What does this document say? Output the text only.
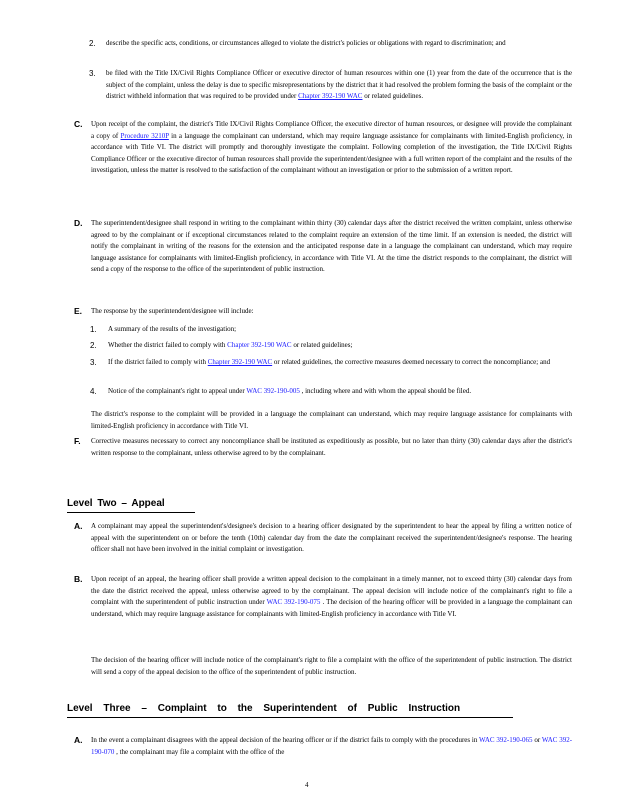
2. describe the specific acts, conditions, or circumstances alleged to violate the district's policies or obligations with regard to discrimination; and
3. be filed with the Title IX/Civil Rights Compliance Officer or executive director of human resources within one (1) year from the date of the occurrence that is the subject of the complaint, unless the delay is due to specific misrepresentations by the district that it had resolved the problem forming the basis of the complaint or the district withheld information that was required to be provided under Chapter 392-190 WAC or related guidelines.
C. Upon receipt of the complaint, the district's Title IX/Civil Rights Compliance Officer, the executive director of human resources, or designee will provide the complainant a copy of Procedure 3210P in a language the complainant can understand, which may require language assistance for complainants with limited-English proficiency, in accordance with Title VI. The district will promptly and thoroughly investigate the complaint. Following completion of the investigation, the Title IX/Civil Rights Compliance Officer or the executive director of human resources shall provide the superintendent/designee with a full written report of the complaint and the results of the investigation, unless the matter is resolved to the satisfaction of the complainant without an investigation or prior to the submission of a written report.
D. The superintendent/designee shall respond in writing to the complainant within thirty (30) calendar days after the district received the written complaint, unless otherwise agreed to by the complainant or if exceptional circumstances related to the complaint require an extension of the time limit. If an extension is needed, the district will notify the complainant in writing of the reasons for the extension and the anticipated response date in a language the complainant can understand, which may require language assistance for complainants with limited-English proficiency, in accordance with Title VI. At the time the district responds to the complainant, the district will send a copy of the response to the office of the superintendent of public instruction.
E. The response by the superintendent/designee will include:
1. A summary of the results of the investigation;
2. Whether the district failed to comply with Chapter 392-190 WAC or related guidelines;
3. If the district failed to comply with Chapter 392-190 WAC or related guidelines, the corrective measures deemed necessary to correct the noncompliance; and
4. Notice of the complainant's right to appeal under WAC 392-190-005 , including where and with whom the appeal should be filed.
The district's response to the complaint will be provided in a language the complainant can understand, which may require language assistance for complainants with limited-English proficiency in accordance with Title VI.
F. Corrective measures necessary to correct any noncompliance shall be instituted as expeditiously as possible, but no later than thirty (30) calendar days after the district's written response to the complainant, unless otherwise agreed to by the complainant.
Level Two – Appeal
A. A complainant may appeal the superintendent's/designee's decision to a hearing officer designated by the superintendent to hear the appeal by filing a written notice of appeal with the superintendent on or before the tenth (10th) calendar day from the date the complainant received the superintendent/designee's response. The hearing officer shall not have been involved in the initial complaint or investigation.
B. Upon receipt of an appeal, the hearing officer shall provide a written appeal decision to the complainant in a timely manner, not to exceed thirty (30) calendar days from the date the district received the appeal, unless otherwise agreed to by the complainant. The appeal decision will include notice of the complainant's right to file a complaint with the superintendent of public instruction under WAC 392-190-075 . The decision of the hearing officer will be provided in a language the complainant can understand, which may require language assistance for complainants with limited-English proficiency in accordance with Title VI.
The decision of the hearing officer will include notice of the complainant's right to file a complaint with the office of the superintendent of public instruction. The district will send a copy of the appeal decision to the office of the superintendent of public instruction.
Level Three – Complaint to the Superintendent of Public Instruction
A. In the event a complainant disagrees with the appeal decision of the hearing officer or if the district fails to comply with the procedures in WAC 392-190-065 or WAC 392-190-070 , the complainant may file a complaint with the office of the
4
